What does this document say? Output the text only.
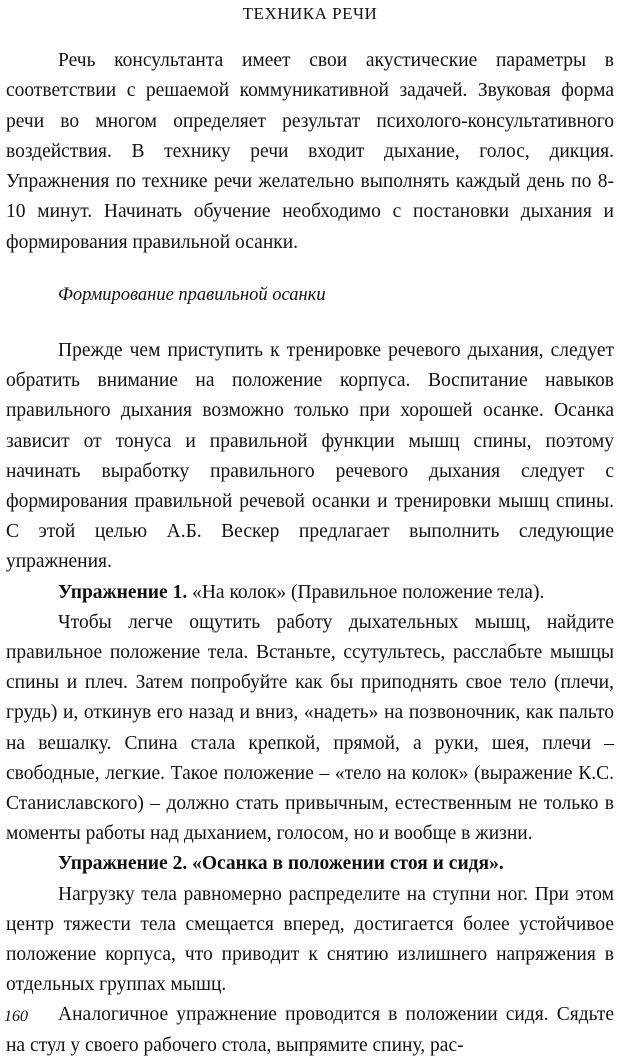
ТЕХНИКА РЕЧИ

Речь консультанта имеет свои акустические параметры в соответствии с решаемой коммуникативной задачей. Звуковая форма речи во многом определяет результат психолого-консультативного воздействия. В технику речи входит дыхание, голос, дикция. Упражнения по технике речи желательно выполнять каждый день по 8-10 минут. Начинать обучение необходимо с постановки дыхания и формирования правильной осанки.

Формирование правильной осанки

Прежде чем приступить к тренировке речевого дыхания, следует обратить внимание на положение корпуса. Воспитание навыков правильного дыхания возможно только при хорошей осанке. Осанка зависит от тонуса и правильной функции мышц спины, поэтому начинать выработку правильного речевого дыхания следует с формирования правильной речевой осанки и тренировки мышц спины. С этой целью А.Б. Вескер предлагает выполнить следующие упражнения.

Упражнение 1. «На колок» (Правильное положение тела).

Чтобы легче ощутить работу дыхательных мышц, найдите правильное положение тела. Встаньте, ссутультесь, расслабьте мышцы спины и плеч. Затем попробуйте как бы приподнять свое тело (плечи, грудь) и, откинув его назад и вниз, «надеть» на позвоночник, как пальто на вешалку. Спина стала крепкой, прямой, а руки, шея, плечи – свободные, легкие. Такое положение – «тело на колок» (выражение К.С. Станиславского) – должно стать привычным, естественным не только в моменты работы над дыханием, голосом, но и вообще в жизни.

Упражнение 2. «Осанка в положении стоя и сидя».

Нагрузку тела равномерно распределите на ступни ног. При этом центр тяжести тела смещается вперед, достигается более устойчивое положение корпуса, что приводит к снятию излишнего напряжения в отдельных группах мышц.

Аналогичное упражнение проводится в положении сидя. Сядьте на стул у своего рабочего стола, выпрямите спину, рас-

160
